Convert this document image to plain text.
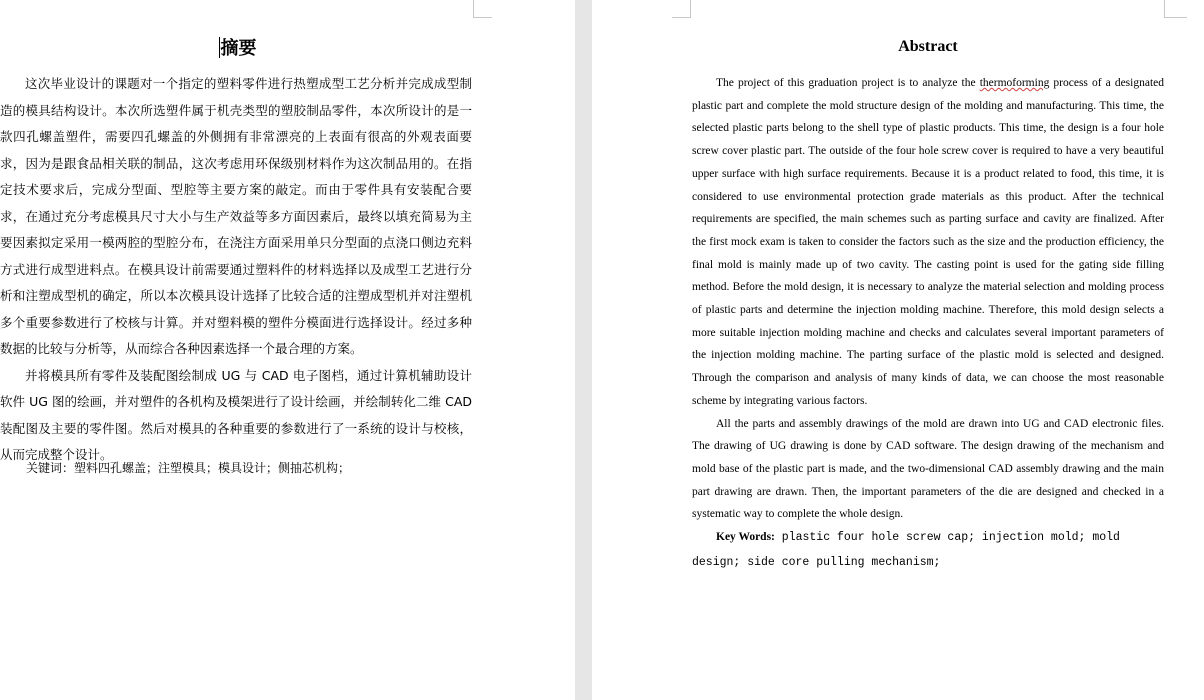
摘要

这次毕业设计的课题对一个指定的塑料零件进行热塑成型工艺分析并完成成型制造的模具结构设计。本次所选塑件属于机壳类型的塑胶制品零件，本次所设计的是一款四孔螺盖塑件，需要四孔螺盖的外侧拥有非常漂亮的上表面有很高的外观表面要求，因为是跟食品相关联的制品，这次考虑用环保级别材料作为这次制品用的。在指定技术要求后，完成分型面、型腔等主要方案的敲定。而由于零件具有安装配合要求，在通过充分考虑模具尺寸大小与生产效益等多方面因素后，最终以填充简易为主要因素拟定采用一模两腔的型腔分布，在浇注方面采用单只分型面的点浇口侧边充料方式进行成型进料点。在模具设计前需要通过塑料件的材料选择以及成型工艺进行分析和注塑成型机的确定，所以本次模具设计选择了比较合适的注塑成型机并对注塑机多个重要参数进行了校核与计算。并对塑料模的塑件分模面进行选择设计。经过多种数据的比较与分析等，从而综合各种因素选择一个最合理的方案。

并将模具所有零件及装配图绘制成 UG 与 CAD 电子图档，通过计算机辅助设计软件 UG 图的绘画，并对塑件的各机构及模架进行了设计绘画，并绘制转化二维 CAD 装配图及主要的零件图。然后对模具的各种重要的参数进行了一系统的设计与校核，从而完成整个设计。

关键词：塑料四孔螺盖；注塑模具；模具设计；侧抽芯机构；
Abstract

The project of this graduation project is to analyze the thermoforming process of a designated plastic part and complete the mold structure design of the molding and manufacturing. This time, the selected plastic parts belong to the shell type of plastic products. This time, the design is a four hole screw cover plastic part. The outside of the four hole screw cover is required to have a very beautiful upper surface with high surface requirements. Because it is a product related to food, this time, it is considered to use environmental protection grade materials as this product. After the technical requirements are specified, the main schemes such as parting surface and cavity are finalized. After the first mock exam is taken to consider the factors such as the size and the production efficiency, the final mold is mainly made up of two cavity. The casting point is used for the gating side filling method. Before the mold design, it is necessary to analyze the material selection and molding process of plastic parts and determine the injection molding machine. Therefore, this mold design selects a more suitable injection molding machine and checks and calculates several important parameters of the injection molding machine. The parting surface of the plastic mold is selected and designed. Through the comparison and analysis of many kinds of data, we can choose the most reasonable scheme by integrating various factors.

All the parts and assembly drawings of the mold are drawn into UG and CAD electronic files. The drawing of UG drawing is done by CAD software. The design drawing of the mechanism and mold base of the plastic part is made, and the two-dimensional CAD assembly drawing and the main part drawing are drawn. Then, the important parameters of the die are designed and checked in a systematic way to complete the whole design.

Key Words: plastic four hole screw cap; injection mold; mold design; side core pulling mechanism;
